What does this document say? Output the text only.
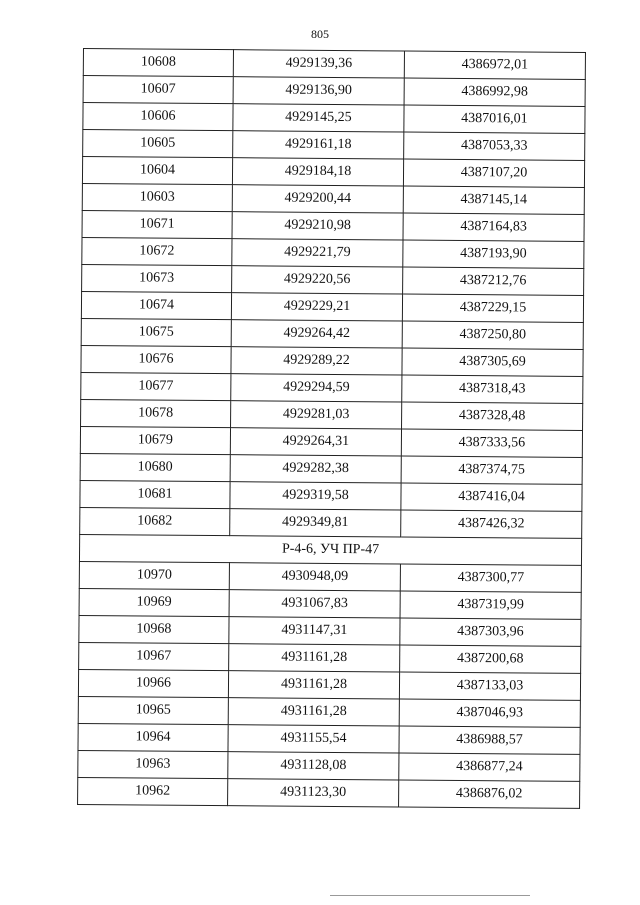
805
10608	4929139,36	4386972,01
10607	4929136,90	4386992,98
10606	4929145,25	4387016,01
10605	4929161,18	4387053,33
10604	4929184,18	4387107,20
10603	4929200,44	4387145,14
10671	4929210,98	4387164,83
10672	4929221,79	4387193,90
10673	4929220,56	4387212,76
10674	4929229,21	4387229,15
10675	4929264,42	4387250,80
10676	4929289,22	4387305,69
10677	4929294,59	4387318,43
10678	4929281,03	4387328,48
10679	4929264,31	4387333,56
10680	4929282,38	4387374,75
10681	4929319,58	4387416,04
10682	4929349,81	4387426,32
Р-4-6, УЧ ПР-47		
10970	4930948,09	4387300,77
10969	4931067,83	4387319,99
10968	4931147,31	4387303,96
10967	4931161,28	4387200,68
10966	4931161,28	4387133,03
10965	4931161,28	4387046,93
10964	4931155,54	4386988,57
10963	4931128,08	4386877,24
10962	4931123,30	4386876,02
